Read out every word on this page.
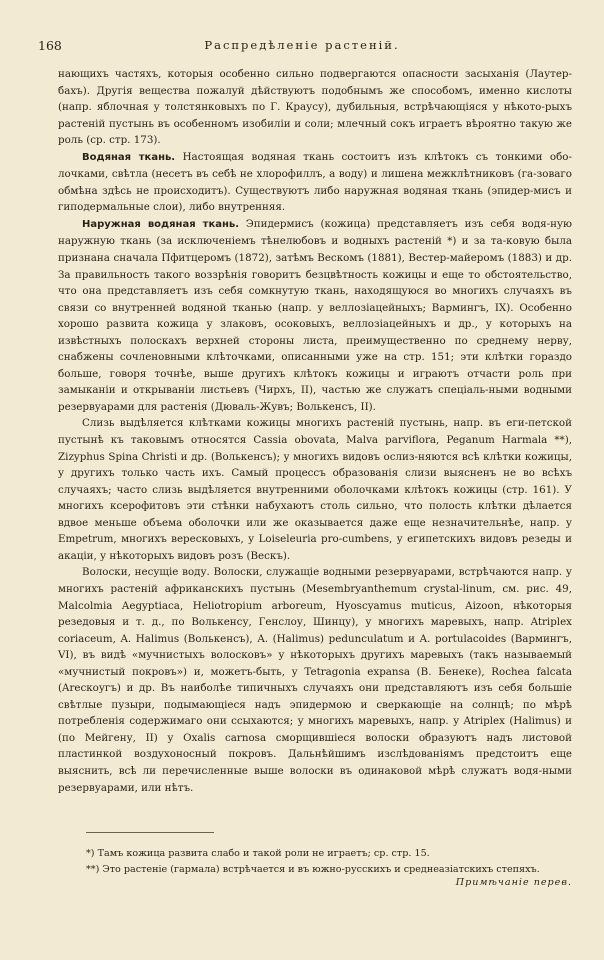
168	Распредѣленіе растеній.

нающихъ частяхъ, которыя особенно сильно подвергаются опасности засыханія (Лаутер-бахъ). Другія вещества пожалуй дѣйствуютъ подобнымъ же способомъ, именно кислоты (напр. яблочная у толстянковыхъ по Г. Краусу), дубильныя, встрѣчающіяся у нѣкото-рыхъ растеній пустынь въ особенномъ изобиліи и соли; млечный сокъ играетъ вѣроятно такую же роль (ср. стр. 173).

Водяная ткань. Настоящая водяная ткань состоитъ изъ клѣтокъ съ тонкими обо-лочками, свѣтла (несетъ въ себѣ не хлорофиллъ, а воду) и лишена межклѣтниковъ (га-зоваго обмѣна здѣсь не происходитъ). Существуютъ либо наружная водяная ткань (эпидер-мисъ и гиподермальные слои), либо внутренняя.

Наружная водяная ткань. Эпидермисъ (кожица) представляетъ изъ себя водя-ную наружную ткань (за исключеніемъ тѣнелюбовъ и водныхъ растеній *) и за та-ковую была признана сначала Пфитцеромъ (1872), затѣмъ Вескомъ (1881), Вестер-майеромъ (1883) и др. За правильность такого воззрѣнія говоритъ безцвѣтность кожицы и еще то обстоятельство, что она представляетъ изъ себя сомкнутую ткань, находящуюся во многихъ случаяхъ въ связи со внутренней водяной тканью (напр. у веллозіацейныхъ; Вармингъ, IX). Особенно хорошо развита кожица у злаковъ, осоковыхъ, веллозіацейныхъ и др., у которыхъ на извѣстныхъ полоскахъ верхней стороны листа, преимущественно по среднему нерву, снабжены сочленовными клѣточками, описанными уже на стр. 151; эти клѣтки гораздо больше, говоря точнѣе, выше другихъ клѣтокъ кожицы и играютъ отчасти роль при замыканіи и открываніи листьевъ (Чирхъ, II), частью же служатъ спеціаль-ными водными резервуарами для растенія (Дюваль-Жувъ; Волькенсъ, II).

Слизь выдѣляется клѣтками кожицы многихъ растеній пустынь, напр. въ еги-петской пустынѣ къ таковымъ относятся Cassia obovata, Malva parviflora, Peganum Harmala **), Zizyphus Spina Christi и др. (Волькенсъ); у многихъ видовъ ослиз-няются всѣ клѣтки кожицы, у другихъ только часть ихъ. Самый процессъ образованія слизи выясненъ не во всѣхъ случаяхъ; часто слизь выдѣляется внутренними оболочками клѣтокъ кожицы (стр. 161). У многихъ ксерофитовъ эти стѣнки набухаютъ столь сильно, что полость клѣтки дѣлается вдвое меньше объема оболочки или же оказывается даже еще незначительнѣе, напр. у Empetrum, многихъ вересковыхъ, у Loiseleuria pro-cumbens, у египетскихъ видовъ резеды и акаціи, у нѣкоторыхъ видовъ розъ (Вескъ).

Волоски, несущіе воду. Волоски, служащіе водными резервуарами, встрѣчаются напр. у многихъ растеній африканскихъ пустынь (Mesembryanthemum crystal-linum, см. рис. 49, Malcolmia Aegyptiaca, Heliotropium arboreum, Hyoscyamus muticus, Aizoon, нѣкоторыя резедовыя и т. д., по Волькенсу, Генслоу, Шинцу), у многихъ маревыхъ, напр. Atriplex coriaceum, A. Halimus (Волькенсъ), A. (Halimus) pedunculatum и A. portulacoides (Вармингъ, VI), въ видѣ «мучнистыхъ волосковъ» у нѣкоторыхъ другихъ маревыхъ (такъ называемый «мучнистый покровъ») и, можетъ-быть, у Tetragonia expansa (В. Бенеке), Rochea falcata (Areскоугъ) и др. Въ наиболѣе типичныхъ случаяхъ они представляютъ изъ себя большіе свѣтлые пузыри, подымающіеся надъ эпидермою и сверкающіе на солнцѣ; по мѣрѣ потребленія содержимаго они ссыхаются; у многихъ маревыхъ, напр. у Atriplex (Halimus) и (по Мейгену, II) у Oxalis carnosa сморщившіеся волоски образуютъ надъ листовой пластинкой воздухоносный покровъ. Дальнѣйшимъ изслѣдованіямъ предстоитъ еще выяснить, всѣ ли перечисленные выше волоски въ одинаковой мѣрѣ служатъ водя-ными резервуарами, или нѣтъ.

*) Тамъ кожица развита слабо и такой роли не играетъ; ср. стр. 15.

**) Это растеніе (гармала) встрѣчается и въ южно-русскихъ и среднеазіатскихъ степяхъ.

Примѣчаніе перев.
